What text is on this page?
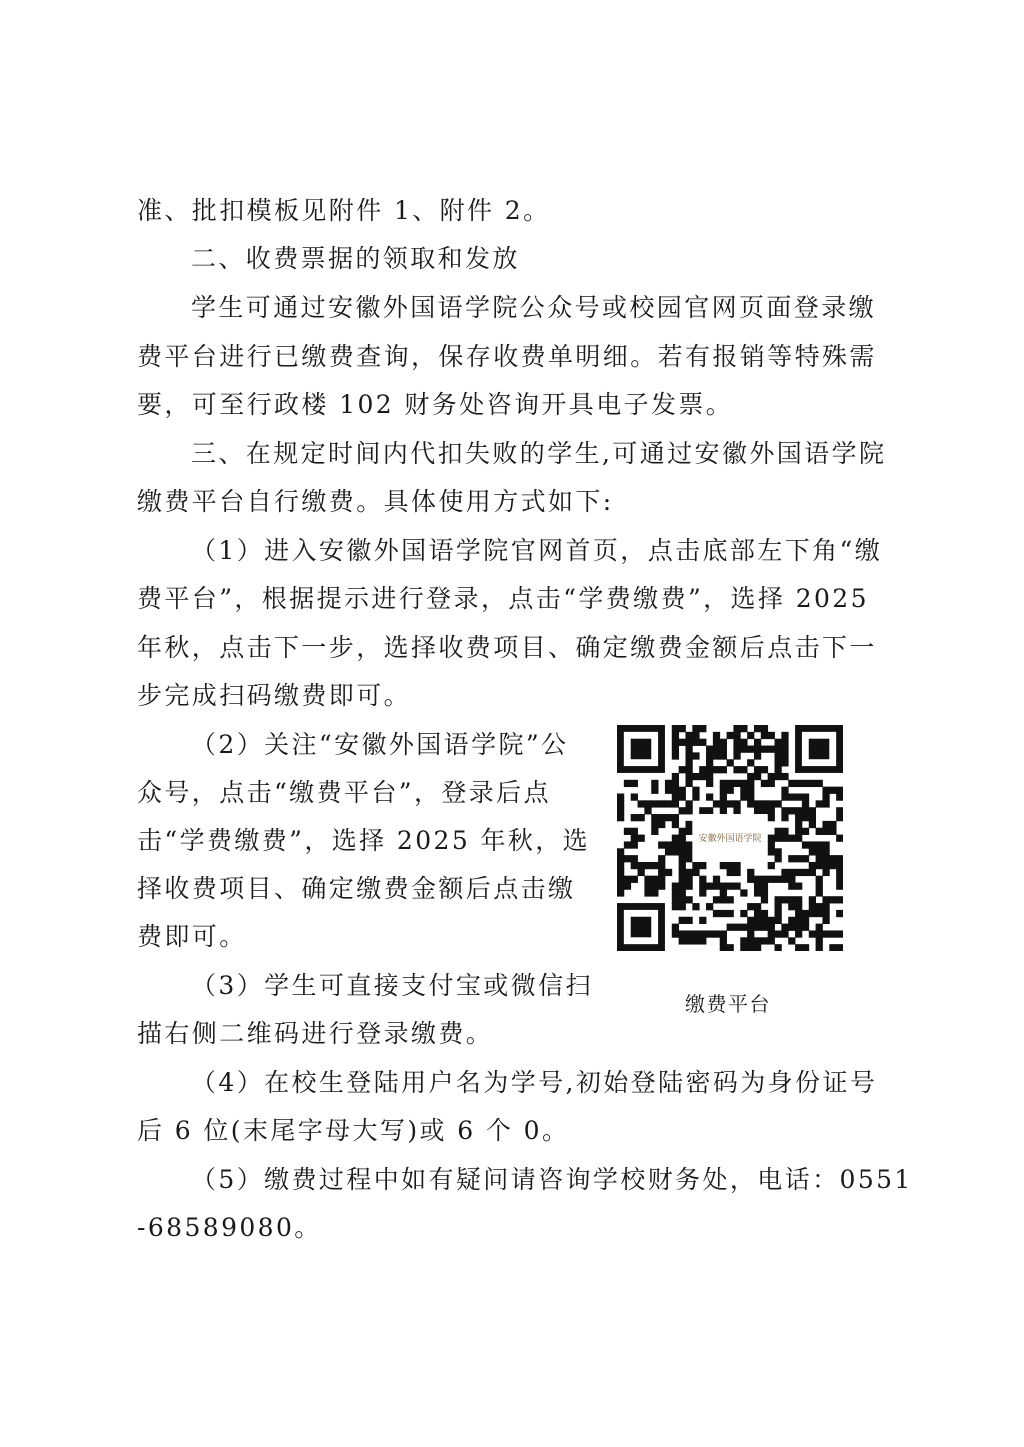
准、批扣模板见附件 1、附件 2。
二、收费票据的领取和发放
学生可通过安徽外国语学院公众号或校园官网页面登录缴
费平台进行已缴费查询，保存收费单明细。若有报销等特殊需
要，可至行政楼 102 财务处咨询开具电子发票。
三、在规定时间内代扣失败的学生,可通过安徽外国语学院
缴费平台自行缴费。具体使用方式如下:
（1）进入安徽外国语学院官网首页，点击底部左下角“缴
费平台”，根据提示进行登录，点击“学费缴费”，选择 2025
年秋，点击下一步，选择收费项目、确定缴费金额后点击下一
步完成扫码缴费即可。
（2）关注“安徽外国语学院”公
众号，点击“缴费平台”，登录后点
击“学费缴费”，选择 2025 年秋，选
择收费项目、确定缴费金额后点击缴
费即可。
（3）学生可直接支付宝或微信扫
描右侧二维码进行登录缴费。
（4）在校生登陆用户名为学号,初始登陆密码为身份证号
后 6 位(末尾字母大写)或 6 个 0。
（5）缴费过程中如有疑问请咨询学校财务处，电话：0551
-68589080。
安徽外国语学院
缴费平台
